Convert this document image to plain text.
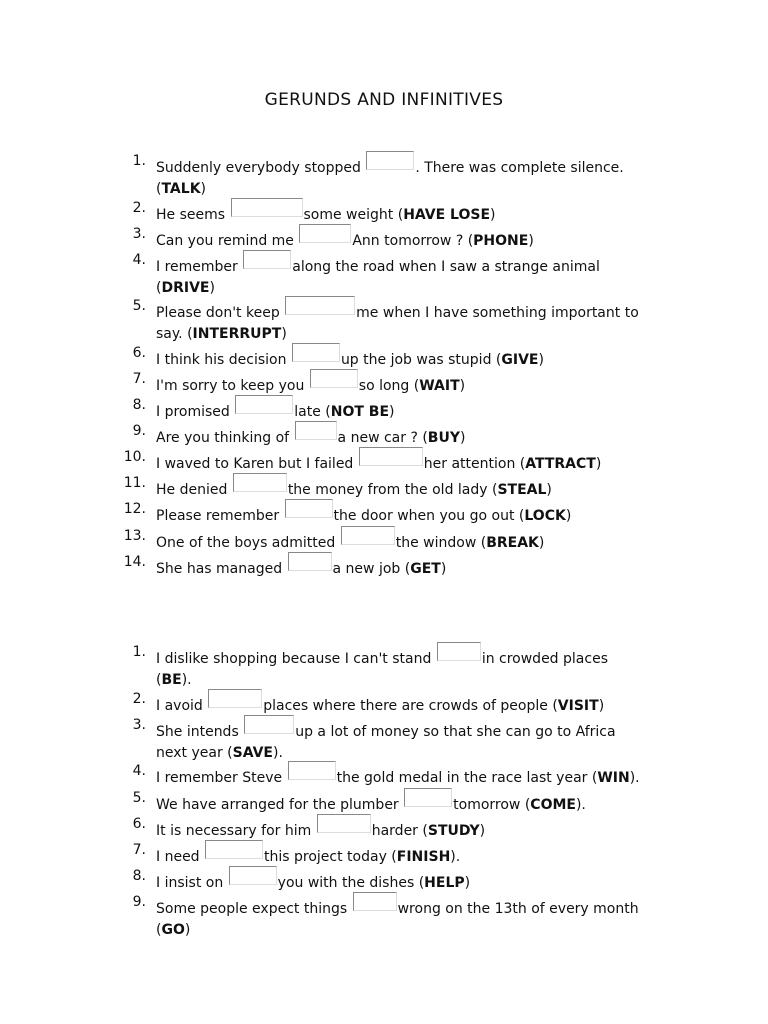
GERUNDS AND INFINITIVES
1. Suddenly everybody stopped	. There was complete silence.
(TALK)
2. He seems	some weight (HAVE LOSE)
3. Can you remind me	Ann tomorrow ? (PHONE)
4. I remember	along the road when I saw a strange animal
(DRIVE)
5. Please don't keep	me when I have something important to
say. (INTERRUPT)
6. I think his decision	up the job was stupid (GIVE)
7. I'm sorry to keep you	so long (WAIT)
8. I promised	late (NOT BE)
9. Are you thinking of	a new car ? (BUY)
10. I waved to Karen but I failed	her attention (ATTRACT)
11. He denied	the money from the old lady (STEAL)
12. Please remember	the door when you go out (LOCK)
13. One of the boys admitted	the window (BREAK)
14. She has managed	a new job (GET)
1. I dislike shopping because I can't stand	in crowded places
(BE).
2. I avoid	places where there are crowds of people (VISIT)
3. She intends	up a lot of money so that she can go to Africa
next year (SAVE).
4. I remember Steve	the gold medal in the race last year (WIN).
5. We have arranged for the plumber	tomorrow (COME).
6. It is necessary for him	harder (STUDY)
7. I need	this project today (FINISH).
8. I insist on	you with the dishes (HELP)
9. Some people expect things	wrong on the 13th of every month
(GO)
